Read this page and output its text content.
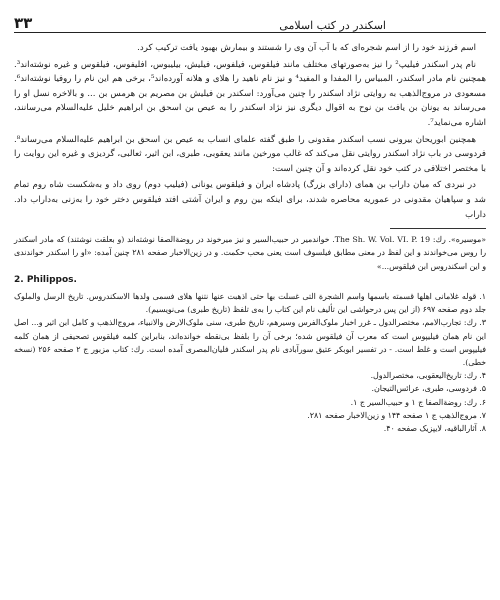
۳۳	اسکندر در کتب اسلامی

اسم فرزند خود را از اسم شجره‌ای که با آب آن وی را شستند و بیمارش بهبود یافت ترکیب کرد.

نام پدر اسکندر فیلیپ² را نیز به‌صورتهای مختلف مانند فیلقوس، فیلفوس، فیلیش، بیلیبوس، افلیفوس، فیلقوس و غیره نوشته‌اند³. همچنین نام مادر اسکندر، المبیاس را المفدا و المفید⁴ و نیز نام ناهید را هلای و هلانه آورده‌اند⁵، برخی هم این نام را روفیا نوشته‌اند⁶. مسعودی در مروج‌الذهب به روایتی نژاد اسکندر را چنین می‌آورد: اسکندر بن فیلیش بن مصریم بن هرمس بن ... و بالاخره نسل او را می‌رساند به یونان بن یافث بن نوح به اقوال دیگری نیز نژاد اسکندر را به عیص بن اسحق بن ابراهیم خلیل علیه‌السلام می‌رسانند، اشاره می‌نماید⁷.

همچنین ابوریحان بیرونی نسب اسکندر مقدونی را طبق گفته علمای انساب به عیص بن اسحق بن ابراهیم علیه‌السلام می‌رساند⁸. فردوسی در باب نژاد اسکندر روایتی نقل می‌کند که غالب مورخین مانند یعقوبی، طبری، ابن اثیر، ثعالبی، گردیزی و غیره این روایت را با مختصر اختلافی در کتب خود نقل کرده‌اند و آن چنین است:

در نبردی که میان داراب بن همای (دارای بزرگ) پادشاه ایران و فیلقوس یونانی (فیلیپ دوم) روی داد و به‌شکست شاه روم تمام شد و سپاهیان مقدونی در عموریه محاصره شدند، برای اینکه بین روم و ایران آشتی افتد فیلقوس دختر خود را به‌زنی به‌داراب داد. داراب

«موسیره». رك: The Sh. W. Vol. VI. P. 19. خواندمیر در حبیب‌السیر و نیز میرخوند در روضةالصفا نوشته‌اند (و بعلقت نوشتند) که مادر اسکندر را روس می‌خواندند و این لفظ در معنی مطابق فیلسوف است یعنی محب حکمت. و در زین‌الاخبار صفحه ۲۸۱ چنین آمده: «او را اسکندر خواندندی و این اسکندروس ابن فیلقوس...»

2. Philippos.
۱. قوله غلامانی اهلها قسمته باسمها واسم الشجرة التی غسلت بها حتی اذهبت عنها نتنها هلای فسمی ولدها الاسکندروس. تاریخ الرسل والملوک جلد دوم صفحه ۶۹۷ (از این پس درحواشی این تألیف نام این کتاب را به‌ی تلفظ (تاریخ طبری) می‌نویسیم).
۳. رك: تجارب‌الامم، مختصرالدول ـ غرر اخبار ملوک‌الفرس وسیرهم، تاریخ طبری، سنی ملوک‌الارض والانبیاء، مروج‌الذهب و کامل ابن اثیر و... اصل این نام همان فیلیپوس است که معرب آن فیلقوس شده؛ برخی آن را بلفظ بی‌نقطه خوانده‌اند، بنابراین کلمه فیلقوس تصحیفی از همان کلمه فیلیپوس است و غلط است. - در تفسیر ابوبکر عتیق سورآبادی نام پدر اسکندر فلیان‌المصری آمده است. رك: کتاب مزبور ج ۲ صفحه ۲۵۶ (نسخه خطی).
۴. رك: تاریخ‌الیعقوبی، مختصرالدول.
۵. فردوسی، طبری، عرائس‌التیجان.
۶. رك: روضةالصفا ج ۱ و حبیب‌السیر ج ۱.
۷. مروج‌الذهب ج ۱ صفحه ۱۴۴ و زین‌الاخبار صفحه ۲۸۱.
۸. آثارالباقیه، لایپزیک صفحه ۴۰.
